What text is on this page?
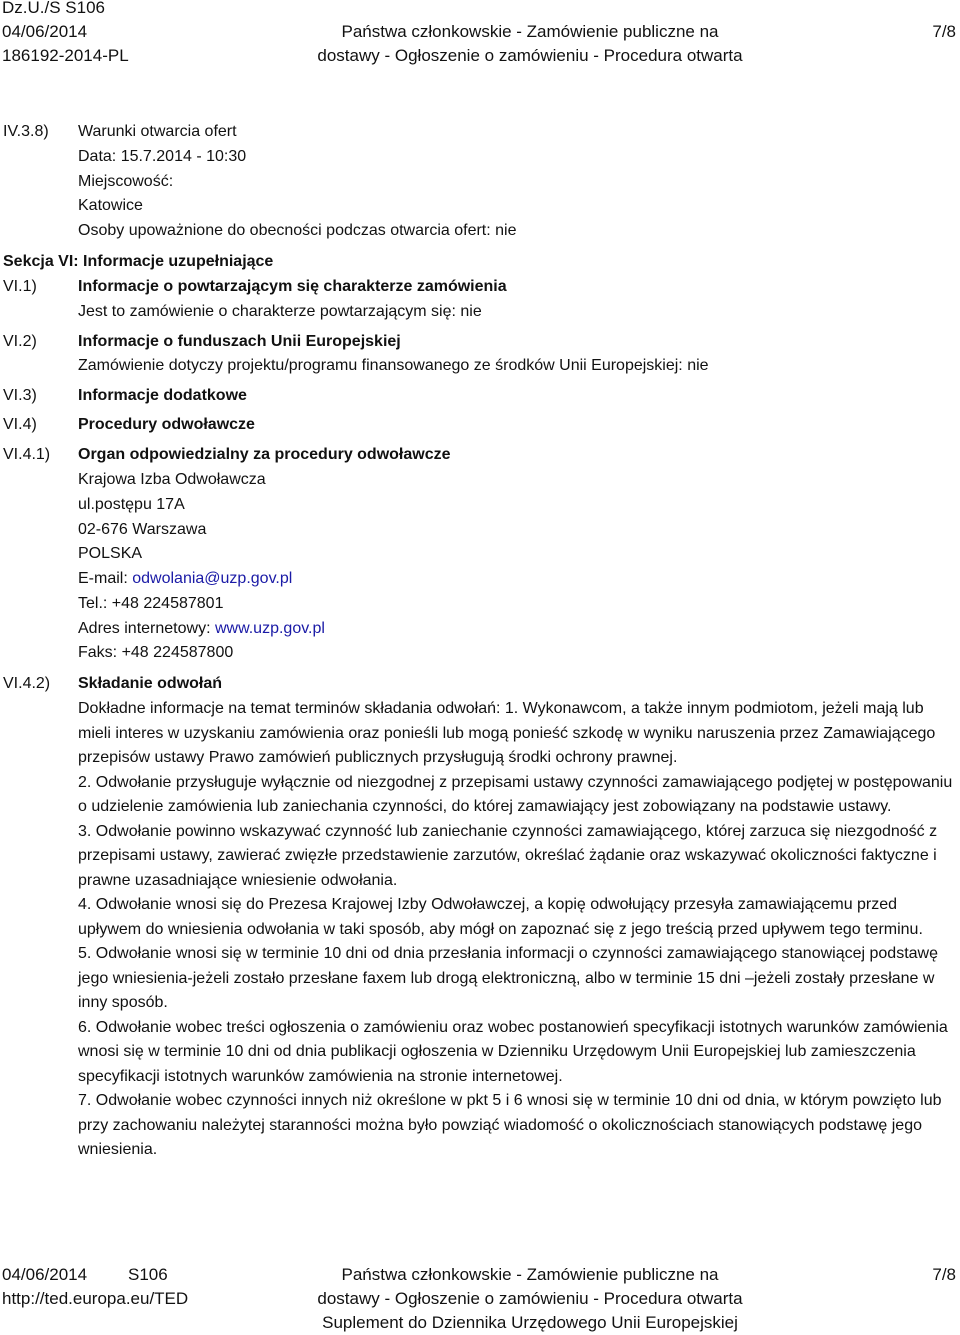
Dz.U./S S106
04/06/2014
186192-2014-PL
Państwa członkowskie - Zamówienie publiczne na
dostawy - Ogłoszenie o zamówieniu - Procedura otwarta
7/8
IV.3.8) Warunki otwarcia ofert
Data: 15.7.2014 - 10:30
Miejscowość:
Katowice
Osoby upoważnione do obecności podczas otwarcia ofert: nie
Sekcja VI: Informacje uzupełniające
VI.1)	Informacje o powtarzającym się charakterze zamówienia
Jest to zamówienie o charakterze powtarzającym się: nie
VI.2)	Informacje o funduszach Unii Europejskiej
Zamówienie dotyczy projektu/programu finansowanego ze środków Unii Europejskiej: nie
VI.3)	Informacje dodatkowe
VI.4)	Procedury odwoławcze
VI.4.1) Organ odpowiedzialny za procedury odwoławcze
Krajowa Izba Odwoławcza
ul.postępu 17A
02-676 Warszawa
POLSKA
E-mail: odwolania@uzp.gov.pl
Tel.: +48 224587801
Adres internetowy: www.uzp.gov.pl
Faks: +48 224587800
VI.4.2) Składanie odwołań

Dokładne informacje na temat terminów składania odwołań: 1. Wykonawcom, a także innym podmiotom, jeżeli mają lub mieli interes w uzyskaniu zamówienia oraz ponieśli lub mogą ponieść szkodę w wyniku naruszenia przez Zamawiającego przepisów ustawy Prawo zamówień publicznych przysługują środki ochrony prawnej.

2. Odwołanie przysługuje wyłącznie od niezgodnej z przepisami ustawy czynności zamawiającego podjętej w postępowaniu o udzielenie zamówienia lub zaniechania czynności, do której zamawiający jest zobowiązany na podstawie ustawy.

3. Odwołanie powinno wskazywać czynność lub zaniechanie czynności zamawiającego, której zarzuca się niezgodność z przepisami ustawy, zawierać zwięzłe przedstawienie zarzutów, określać żądanie oraz wskazywać okoliczności faktyczne i prawne uzasadniające wniesienie odwołania.

4. Odwołanie wnosi się do Prezesa Krajowej Izby Odwoławczej, a kopię odwołujący przesyła zamawiającemu przed upływem do wniesienia odwołania w taki sposób, aby mógł on zapoznać się z jego treścią przed upływem tego terminu.

5. Odwołanie wnosi się w terminie 10 dni od dnia przesłania informacji o czynności zamawiającego stanowiącej podstawę jego wniesienia-jeżeli zostało przesłane faxem lub drogą elektroniczną, albo w terminie 15 dni –jeżeli zostały przesłane w inny sposób.

6. Odwołanie wobec treści ogłoszenia o zamówieniu oraz wobec postanowień specyfikacji istotnych warunków zamówienia wnosi się w terminie 10 dni od dnia publikacji ogłoszenia w Dzienniku Urzędowym Unii Europejskiej lub zamieszczenia specyfikacji istotnych warunków zamówienia na stronie internetowej.

7. Odwołanie wobec czynności innych niż określone w pkt 5 i 6 wnosi się w terminie 10 dni od dnia, w którym powzięto lub przy zachowaniu należytej staranności można było powziąć wiadomość o okolicznościach stanowiących podstawę jego wniesienia.

04/06/2014 S106
http://ted.europa.eu/TED
Państwa członkowskie - Zamówienie publiczne na
dostawy - Ogłoszenie o zamówieniu - Procedura otwarta
Suplement do Dziennika Urzędowego Unii Europejskiej
7/8
